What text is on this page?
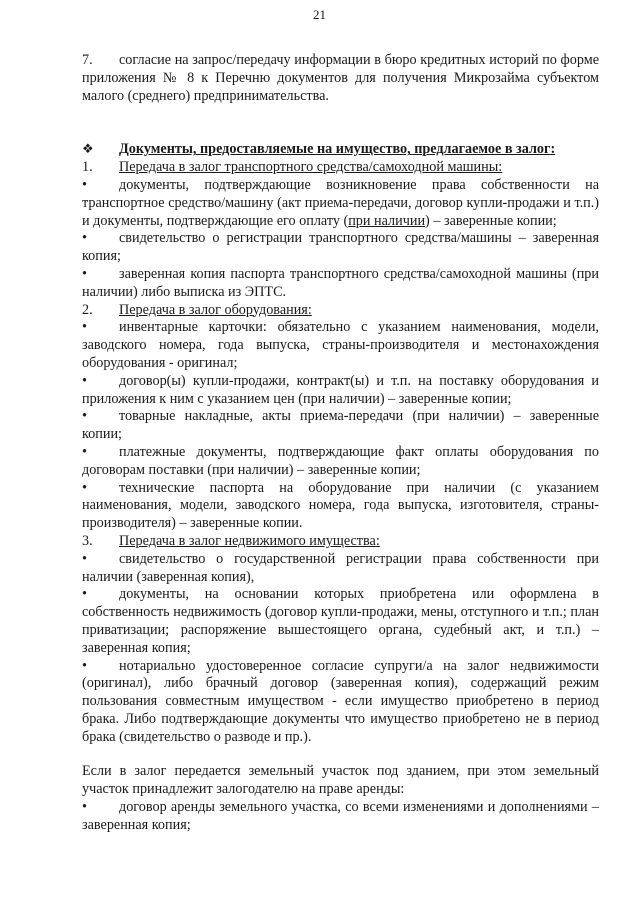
21

7. согласие на запрос/передачу информации в бюро кредитных историй по форме приложения № 8 к Перечню документов для получения Микрозайма субъектом малого (среднего) предпринимательства.

❖ Документы, предоставляемые на имущество, предлагаемое в залог:

1. Передача в залог транспортного средства/самоходной машины:

• документы, подтверждающие возникновение права собственности на транспортное средство/машину (акт приема-передачи, договор купли-продажи и т.п.) и документы, подтверждающие его оплату (при наличии) – заверенные копии;

• свидетельство о регистрации транспортного средства/машины – заверенная копия;

• заверенная копия паспорта транспортного средства/самоходной машины (при наличии) либо выписка из ЭПТС.

2. Передача в залог оборудования:

• инвентарные карточки: обязательно с указанием наименования, модели, заводского номера, года выпуска, страны-производителя и местонахождения оборудования - оригинал;

• договор(ы) купли-продажи, контракт(ы) и т.п. на поставку оборудования и приложения к ним с указанием цен (при наличии) – заверенные копии;

• товарные накладные, акты приема-передачи (при наличии) – заверенные копии;

• платежные документы, подтверждающие факт оплаты оборудования по договорам поставки (при наличии) – заверенные копии;

• технические паспорта на оборудование при наличии (с указанием наименования, модели, заводского номера, года выпуска, изготовителя, страны-производителя) – заверенные копии.

3. Передача в залог недвижимого имущества:

• свидетельство о государственной регистрации права собственности при наличии (заверенная копия),

• документы, на основании которых приобретена или оформлена в собственность недвижимость (договор купли-продажи, мены, отступного и т.п.; план приватизации; распоряжение вышестоящего органа, судебный акт, и т.п.) – заверенная копия;

• нотариально удостоверенное согласие супруги/а на залог недвижимости (оригинал), либо брачный договор (заверенная копия), содержащий режим пользования совместным имуществом - если имущество приобретено в период брака. Либо подтверждающие документы что имущество приобретено не в период брака (свидетельство о разводе и пр.).

Если в залог передается земельный участок под зданием, при этом земельный участок принадлежит залогодателю на праве аренды:

• договор аренды земельного участка, со всеми изменениями и дополнениями – заверенная копия;
